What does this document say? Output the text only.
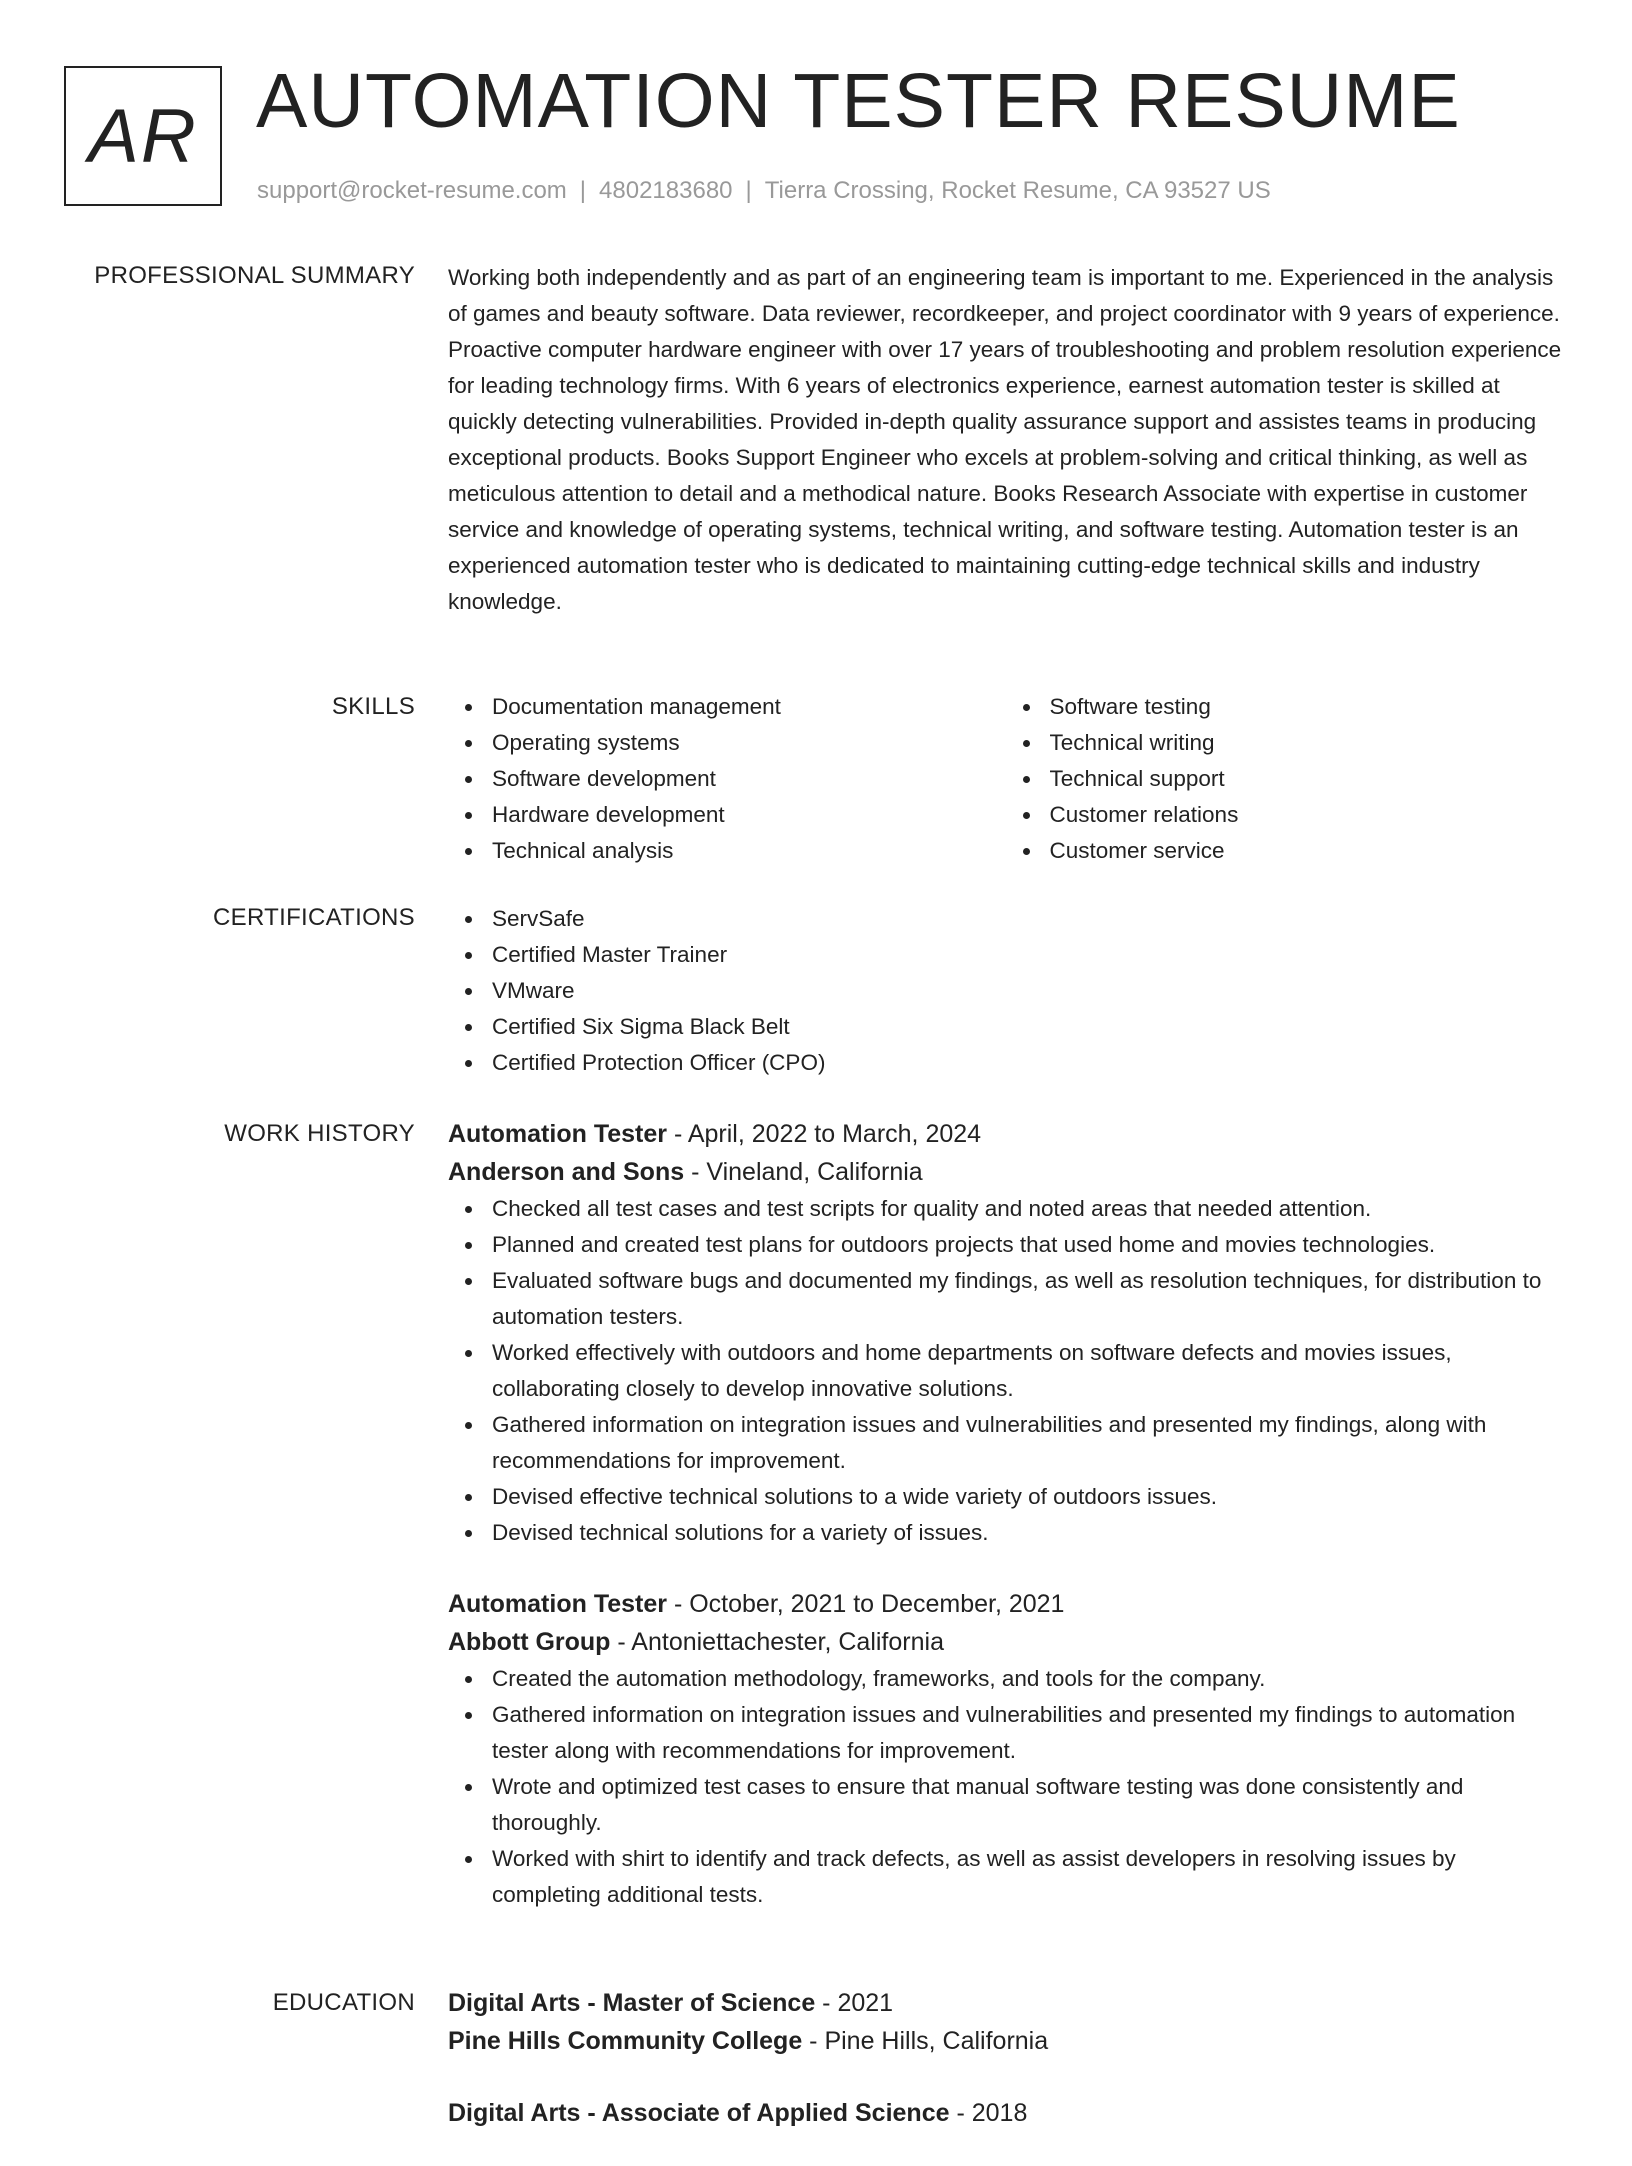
AR AUTOMATION TESTER RESUME
support@rocket-resume.com | 4802183680 | Tierra Crossing, Rocket Resume, CA 93527 US
PROFESSIONAL SUMMARY Working both independently and as part of an engineering team is important to me. Experienced in the analysis of games and beauty software. Data reviewer, recordkeeper, and project coordinator with 9 years of experience. Proactive computer hardware engineer with over 17 years of troubleshooting and problem resolution experience for leading technology firms. With 6 years of electronics experience, earnest automation tester is skilled at quickly detecting vulnerabilities. Provided in-depth quality assurance support and assistes teams in producing exceptional products. Books Support Engineer who excels at problem-solving and critical thinking, as well as meticulous attention to detail and a methodical nature. Books Research Associate with expertise in customer service and knowledge of operating systems, technical writing, and software testing. Automation tester is an experienced automation tester who is dedicated to maintaining cutting-edge technical skills and industry knowledge.

SKILLS	Documentation management
Operating systems
Software development
Hardware development
Technical analysis
Software testing
Technical writing
Technical support
Customer relations
Customer service
CERTIFICATIONS	ServSafe
Certified Master Trainer
VMware
Certified Six Sigma Black Belt
Certified Protection Officer (CPO)
WORK HISTORY Automation Tester - April, 2022 to March, 2024
Anderson and Sons - Vineland, California
Checked all test cases and test scripts for quality and noted areas that needed attention.
Planned and created test plans for outdoors projects that used home and movies technologies.
Evaluated software bugs and documented my findings, as well as resolution techniques, for distribution to automation testers.
Worked effectively with outdoors and home departments on software defects and movies issues, collaborating closely to develop innovative solutions.
Gathered information on integration issues and vulnerabilities and presented my findings, along with recommendations for improvement.
Devised effective technical solutions to a wide variety of outdoors issues.
Devised technical solutions for a variety of issues.
Automation Tester - October, 2021 to December, 2021
Abbott Group - Antoniettachester, California
Created the automation methodology, frameworks, and tools for the company.
Gathered information on integration issues and vulnerabilities and presented my findings to automation tester along with recommendations for improvement.
Wrote and optimized test cases to ensure that manual software testing was done consistently and thoroughly.
Worked with shirt to identify and track defects, as well as assist developers in resolving issues by completing additional tests.
EDUCATION Digital Arts - Master of Science - 2021
Pine Hills Community College - Pine Hills, California
Digital Arts - Associate of Applied Science - 2018
